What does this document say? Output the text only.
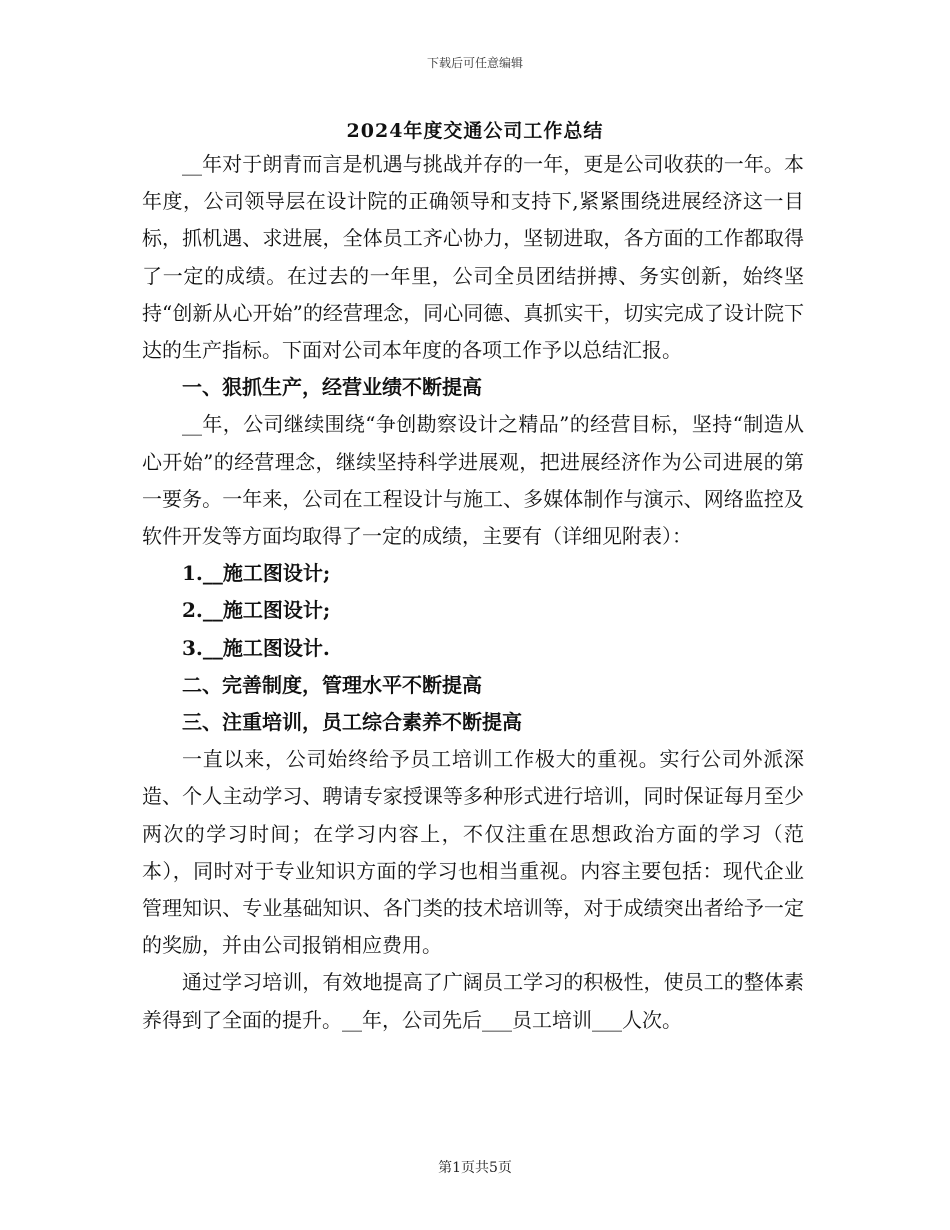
下载后可任意编辑
2024年度交通公司工作总结

__年对于朗青而言是机遇与挑战并存的一年，更是公司收获的一年。本年度，公司领导层在设计院的正确领导和支持下,紧紧围绕进展经济这一目标，抓机遇、求进展，全体员工齐心协力，坚韧进取，各方面的工作都取得了一定的成绩。在过去的一年里，公司全员团结拼搏、务实创新，始终坚持“创新从心开始”的经营理念，同心同德、真抓实干，切实完成了设计院下达的生产指标。下面对公司本年度的各项工作予以总结汇报。

一、狠抓生产，经营业绩不断提高

__年，公司继续围绕“争创勘察设计之精品”的经营目标，坚持“制造从心开始”的经营理念，继续坚持科学进展观，把进展经济作为公司进展的第一要务。一年来，公司在工程设计与施工、多媒体制作与演示、网络监控及软件开发等方面均取得了一定的成绩，主要有（详细见附表）：

1.__施工图设计;

2.__施工图设计;

3.__施工图设计.

二、完善制度，管理水平不断提高

三、注重培训，员工综合素养不断提高

一直以来，公司始终给予员工培训工作极大的重视。实行公司外派深造、个人主动学习、聘请专家授课等多种形式进行培训，同时保证每月至少两次的学习时间；在学习内容上，不仅注重在思想政治方面的学习（范本），同时对于专业知识方面的学习也相当重视。内容主要包括：现代企业管理知识、专业基础知识、各门类的技术培训等，对于成绩突出者给予一定的奖励，并由公司报销相应费用。

通过学习培训，有效地提高了广阔员工学习的积极性，使员工的整体素养得到了全面的提升。__年，公司先后___员工培训___人次。

第1页共5页
